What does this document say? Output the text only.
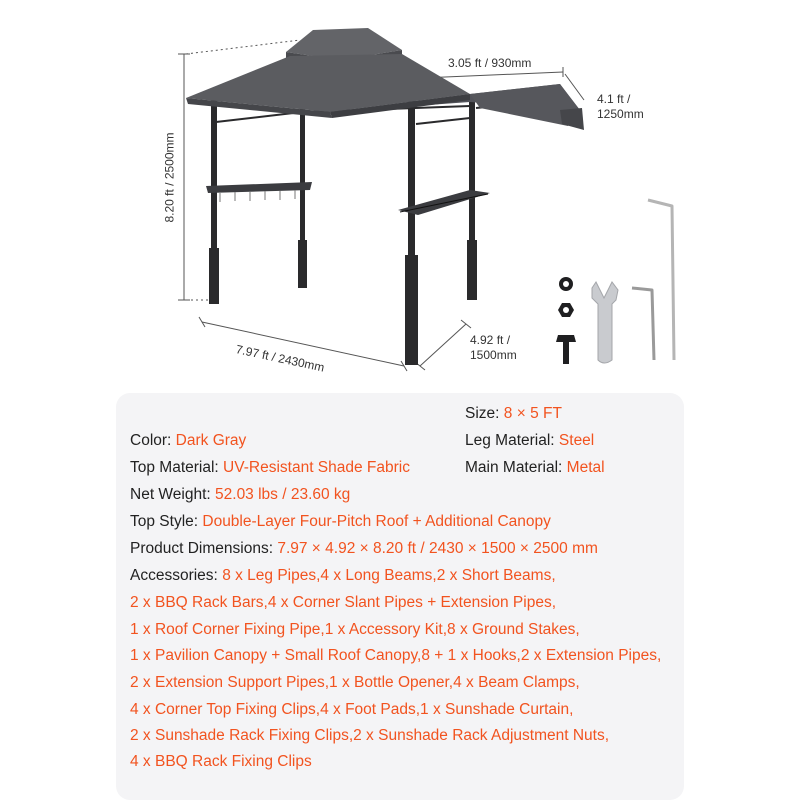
8.20 ft / 2500mm
3.05 ft / 930mm
4.1 ft /
1250mm
4.92 ft /
1500mm
7.97 ft / 2430mm
Size: 8 × 5 FT
Color: Dark Gray	Leg Material: Steel
Top Material: UV-Resistant Shade Fabric	Main Material: Metal
Net Weight: 52.03 lbs / 23.60 kg
Top Style: Double-Layer Four-Pitch Roof + Additional Canopy
Product Dimensions: 7.97 × 4.92 × 8.20 ft / 2430 × 1500 × 2500 mm
Accessories: 8 x Leg Pipes,4 x Long Beams,2 x Short Beams,
2 x BBQ Rack Bars,4 x Corner Slant Pipes + Extension Pipes,
1 x Roof Corner Fixing Pipe,1 x Accessory Kit,8 x Ground Stakes,
1 x Pavilion Canopy + Small Roof Canopy,8 + 1 x Hooks,2 x Extension Pipes,
2 x Extension Support Pipes,1 x Bottle Opener,4 x Beam Clamps,
4 x Corner Top Fixing Clips,4 x Foot Pads,1 x Sunshade Curtain,
2 x Sunshade Rack Fixing Clips,2 x Sunshade Rack Adjustment Nuts,
4 x BBQ Rack Fixing Clips
